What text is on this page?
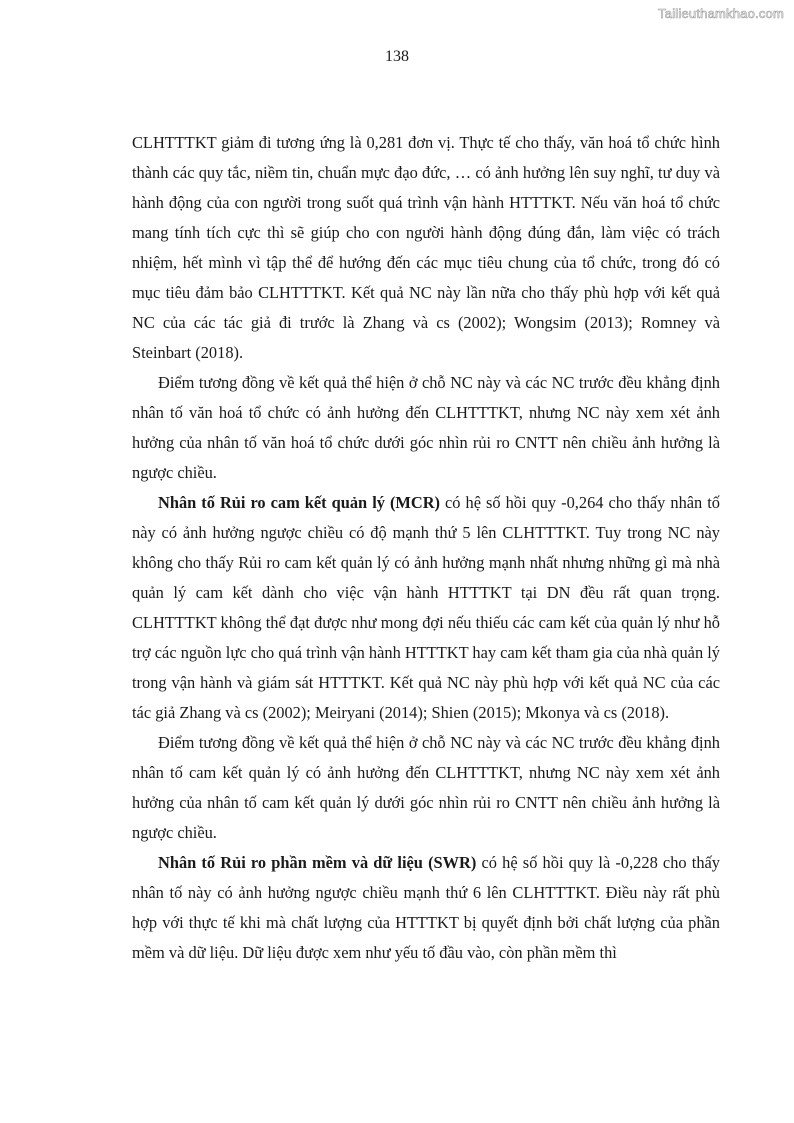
Tailieuthamkhao.com
138

CLHTTTKT giảm đi tương ứng là 0,281 đơn vị. Thực tế cho thấy, văn hoá tổ chức hình thành các quy tắc, niềm tin, chuẩn mực đạo đức, … có ảnh hưởng lên suy nghĩ, tư duy và hành động của con người trong suốt quá trình vận hành HTTTKT. Nếu văn hoá tổ chức mang tính tích cực thì sẽ giúp cho con người hành động đúng đắn, làm việc có trách nhiệm, hết mình vì tập thể để hướng đến các mục tiêu chung của tổ chức, trong đó có mục tiêu đảm bảo CLHTTTKT. Kết quả NC này lần nữa cho thấy phù hợp với kết quả NC của các tác giả đi trước là Zhang và cs (2002); Wongsim (2013); Romney và Steinbart (2018).

Điểm tương đồng về kết quả thể hiện ở chỗ NC này và các NC trước đều khẳng định nhân tố văn hoá tổ chức có ảnh hưởng đến CLHTTTKT, nhưng NC này xem xét ảnh hưởng của nhân tố văn hoá tổ chức dưới góc nhìn rủi ro CNTT nên chiều ảnh hưởng là ngược chiều.

Nhân tố Rủi ro cam kết quản lý (MCR) có hệ số hồi quy -0,264 cho thấy nhân tố này có ảnh hưởng ngược chiều có độ mạnh thứ 5 lên CLHTTTKT. Tuy trong NC này không cho thấy Rủi ro cam kết quản lý có ảnh hưởng mạnh nhất nhưng những gì mà nhà quản lý cam kết dành cho việc vận hành HTTTKT tại DN đều rất quan trọng. CLHTTTKT không thể đạt được như mong đợi nếu thiếu các cam kết của quản lý như hỗ trợ các nguồn lực cho quá trình vận hành HTTTKT hay cam kết tham gia của nhà quản lý trong vận hành và giám sát HTTTKT. Kết quả NC này phù hợp với kết quả NC của các tác giả Zhang và cs (2002); Meiryani (2014); Shien (2015); Mkonya và cs (2018).

Điểm tương đồng về kết quả thể hiện ở chỗ NC này và các NC trước đều khẳng định nhân tố cam kết quản lý có ảnh hưởng đến CLHTTTKT, nhưng NC này xem xét ảnh hưởng của nhân tố cam kết quản lý dưới góc nhìn rủi ro CNTT nên chiều ảnh hưởng là ngược chiều.

Nhân tố Rủi ro phần mềm và dữ liệu (SWR) có hệ số hồi quy là -0,228 cho thấy nhân tố này có ảnh hưởng ngược chiều mạnh thứ 6 lên CLHTTTKT. Điều này rất phù hợp với thực tế khi mà chất lượng của HTTTKT bị quyết định bởi chất lượng của phần mềm và dữ liệu. Dữ liệu được xem như yếu tố đầu vào, còn phần mềm thì
